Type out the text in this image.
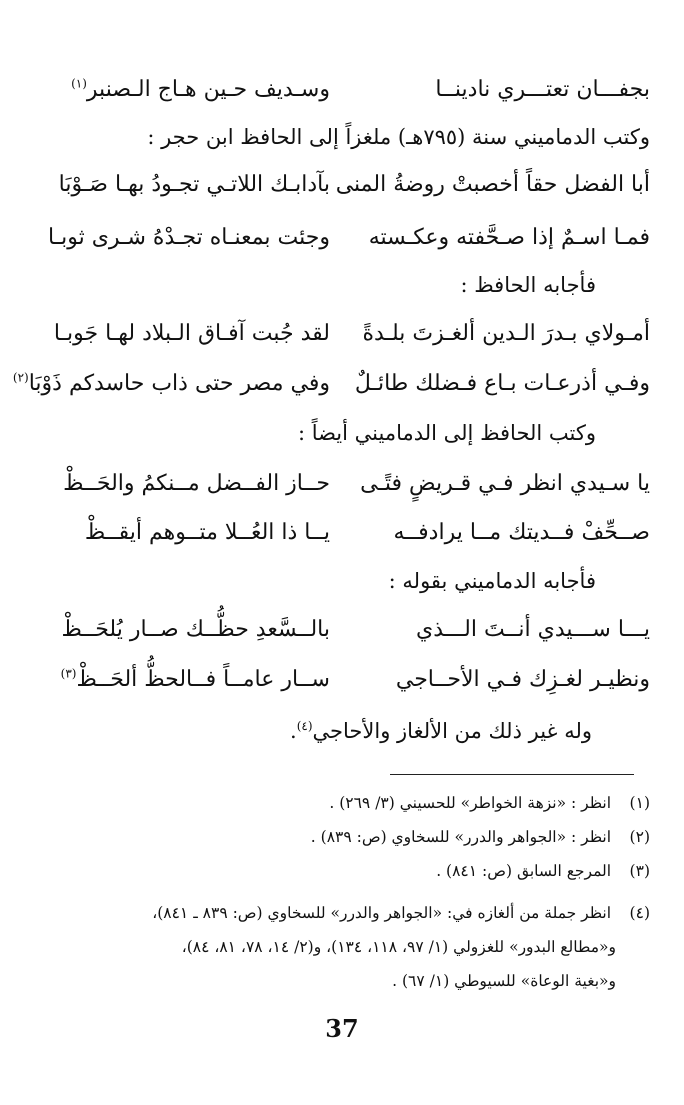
بجفـــان تعتـــري نادينــا
وسـديف حـين هـاج الـصنبر$^{(١)}$
وكتب الدماميني سنة (٧٩٥هـ) ملغزاً إلى الحافظ ابن حجر :
أبا الفضل حقاً أخصبتْ روضةُ المنى
بآدابـك اللاتـي تجـودُ بهـا صَـوْبَا
فمـا اسـمٌ إذا صـحَّفته وعكـسته
وجئت بمعنـاه تجـدْهُ شـرى ثوبـا
فأجابه الحافظ :
أمـولاي بـدرَ الـدين ألغـزتَ بلـدةً
لقد جُبت آفـاق الـبلاد لهـا جَوبـا
وفـي أذرعـات بـاع فـضلك طائـلٌ
وفي مصر حتى ذاب حاسدكم ذَوْبَا$^{(٢)}$
وكتب الحافظ إلى الدماميني أيضاً :
يا سـيدي انظر فـي قـريضٍ فتًـى
حــاز الفــضل مــنكمُ والحَــظْ
صــحِّفْ فــديتك مــا يرادفــه
يــا ذا العُــلا متــوهم أيقــظْ
فأجابه الدماميني بقوله :
يـــا ســـيدي أنــتَ الـــذي
بالــسَّعدِ حظُّــك صــار يُلحَــظْ
ونظيـر لغـزِك فـي الأحــاجي
ســار عامــاً فــالحظُّ ألحَــظْ$^{(٣)}$
وله غير ذلك من الألغاز والأحاجي$^{(٤)}$.
(١) انظر : «نزهة الخواطر» للحسيني (٣/ ٢٦٩) .
(٢) انظر : «الجواهر والدرر» للسخاوي (ص: ٨٣٩) .
(٣) المرجع السابق (ص: ٨٤١) .
(٤) انظر جملة من ألغازه في: «الجواهر والدرر» للسخاوي (ص: ٨٣٩ ـ ٨٤١)،
و«مطالع البدور» للغزولي (١/ ٩٧، ١١٨، ١٣٤)، و(٢/ ١٤، ٧٨، ٨١، ٨٤)،
و«بغية الوعاة» للسيوطي (١/ ٦٧) .
37
